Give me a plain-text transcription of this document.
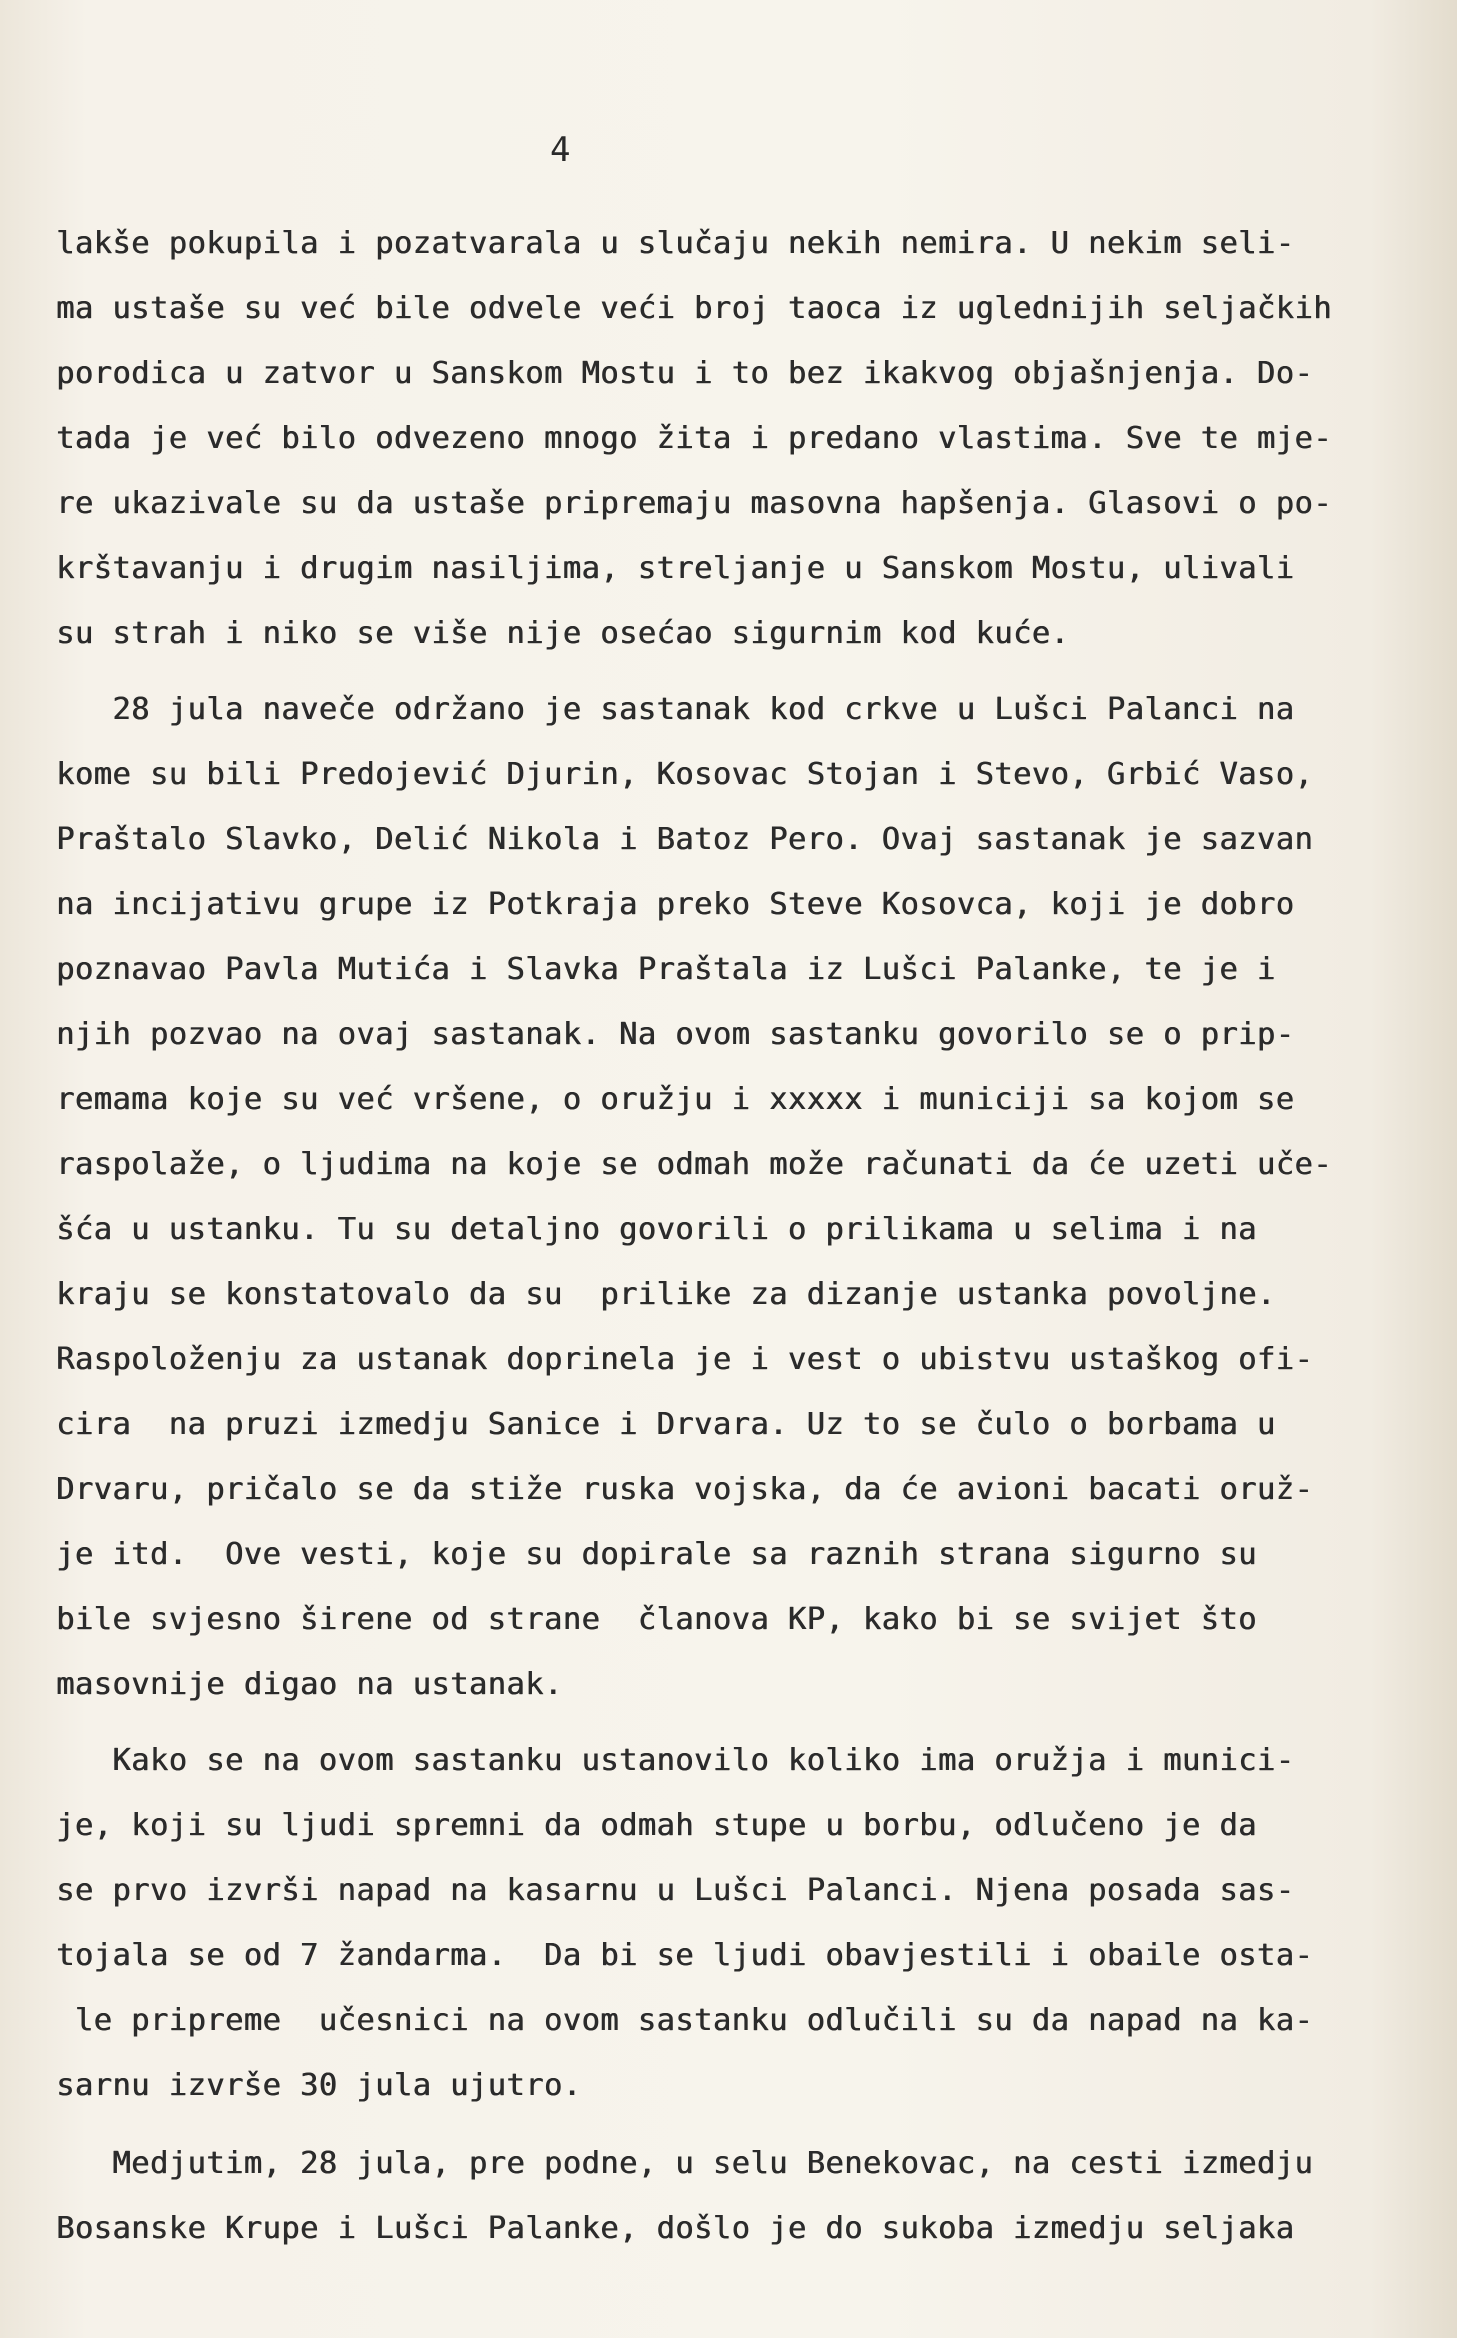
4
lakše pokupila i pozatvarala u slučaju nekih nemira. U nekim seli-
ma ustaše su već bile odvele veći broj taoca iz uglednijih seljačkih
porodica u zatvor u Sanskom Mostu i to bez ikakvog objašnjenja. Do-
tada je već bilo odvezeno mnogo žita i predano vlastima. Sve te mje-
re ukazivale su da ustaše pripremaju masovna hapšenja. Glasovi o po-
krštavanju i drugim nasiljima, streljanje u Sanskom Mostu, ulivali
su strah i niko se više nije osećao sigurnim kod kuće.
28 jula naveče održano je sastanak kod crkve u Lušci Palanci na
kome su bili Predojević Djurin, Kosovac Stojan i Stevo, Grbić Vaso,
Praštalo Slavko, Delić Nikola i Batoz Pero. Ovaj sastanak je sazvan
na incijativu grupe iz Potkraja preko Steve Kosovca, koji je dobro
poznavao Pavla Mutića i Slavka Praštala iz Lušci Palanke, te je i
njih pozvao na ovaj sastanak. Na ovom sastanku govorilo se o prip-
remama koje su već vršene, o oružju i xxxxx i municiji sa kojom se
raspolaže, o ljudima na koje se odmah može računati da će uzeti uče-
šća u ustanku. Tu su detaljno govorili o prilikama u selima i na
kraju se konstatovalo da su  prilike za dizanje ustanka povoljne.
Raspoloženju za ustanak doprinela je i vest o ubistvu ustaškog ofi-
cira  na pruzi izmedju Sanice i Drvara. Uz to se čulo o borbama u
Drvaru, pričalo se da stiže ruska vojska, da će avioni bacati oruž-
je itd.  Ove vesti, koje su dopirale sa raznih strana sigurno su
bile svjesno širene od strane  članova KP, kako bi se svijet što
masovnije digao na ustanak.
Kako se na ovom sastanku ustanovilo koliko ima oružja i munici-
je, koji su ljudi spremni da odmah stupe u borbu, odlučeno je da
se prvo izvrši napad na kasarnu u Lušci Palanci. Njena posada sas-
tojala se od 7 žandarma.  Da bi se ljudi obavjestili i obaile osta-
le pripreme  učesnici na ovom sastanku odlučili su da napad na ka-
sarnu izvrše 30 jula ujutro.
Medjutim, 28 jula, pre podne, u selu Benekovac, na cesti izmedju
Bosanske Krupe i Lušci Palanke, došlo je do sukoba izmedju seljaka
